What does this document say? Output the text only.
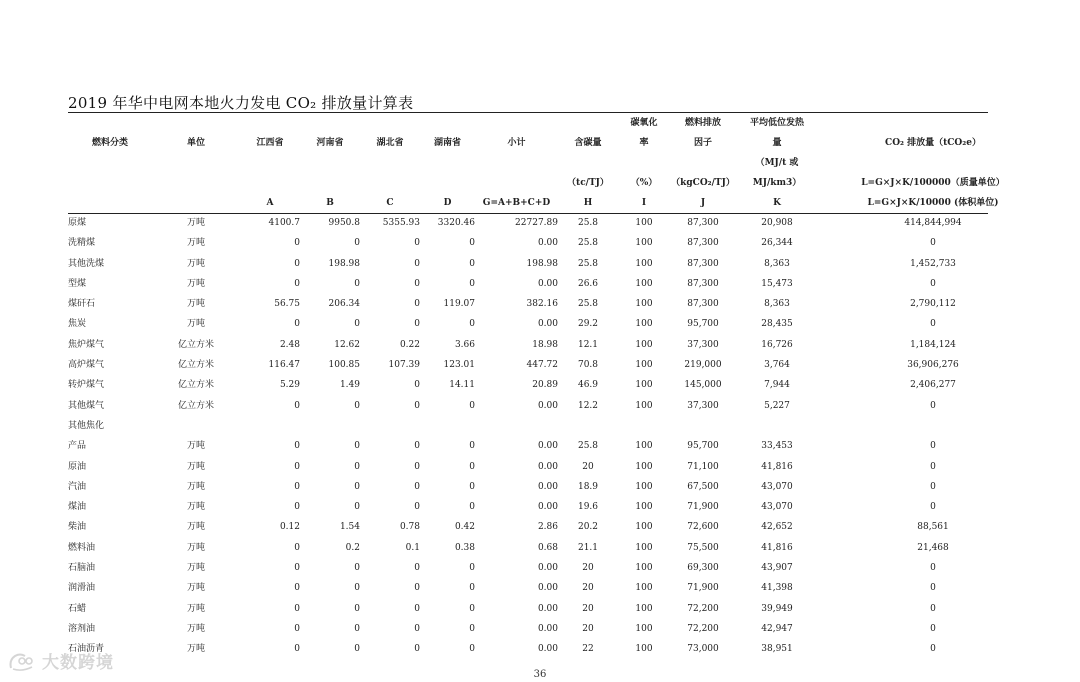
2019 年华中电网本地火力发电 CO₂ 排放量计算表
								碳氧化	燃料排放	平均低位发热	
燃料分类	单位	江西省	河南省	湖北省	湖南省	小计	含碳量	率	因子	量	CO₂ 排放量（tCO₂e）
										（MJ/t 或	
							（tc/TJ）	（%）	（kgCO₂/TJ）	MJ/km3）	L=G×J×K/100000（质量单位）
		A	B	C	D	G=A+B+C+D	H	I	J	K	L=G×J×K/10000 (体积单位)
原煤	万吨	4100.7	9950.8	5355.93	3320.46	22727.89	25.8	100	87,300	20,908	414,844,994
洗精煤	万吨	0	0	0	0	0.00	25.8	100	87,300	26,344	0
其他洗煤	万吨	0	198.98	0	0	198.98	25.8	100	87,300	8,363	1,452,733
型煤	万吨	0	0	0	0	0.00	26.6	100	87,300	15,473	0
煤矸石	万吨	56.75	206.34	0	119.07	382.16	25.8	100	87,300	8,363	2,790,112
焦炭	万吨	0	0	0	0	0.00	29.2	100	95,700	28,435	0
焦炉煤气	亿立方米	2.48	12.62	0.22	3.66	18.98	12.1	100	37,300	16,726	1,184,124
高炉煤气	亿立方米	116.47	100.85	107.39	123.01	447.72	70.8	100	219,000	3,764	36,906,276
转炉煤气	亿立方米	5.29	1.49	0	14.11	20.89	46.9	100	145,000	7,944	2,406,277
其他煤气	亿立方米	0	0	0	0	0.00	12.2	100	37,300	5,227	0
其他焦化											
产品	万吨	0	0	0	0	0.00	25.8	100	95,700	33,453	0
原油	万吨	0	0	0	0	0.00	20	100	71,100	41,816	0
汽油	万吨	0	0	0	0	0.00	18.9	100	67,500	43,070	0
煤油	万吨	0	0	0	0	0.00	19.6	100	71,900	43,070	0
柴油	万吨	0.12	1.54	0.78	0.42	2.86	20.2	100	72,600	42,652	88,561
燃料油	万吨	0	0.2	0.1	0.38	0.68	21.1	100	75,500	41,816	21,468
石脑油	万吨	0	0	0	0	0.00	20	100	69,300	43,907	0
润滑油	万吨	0	0	0	0	0.00	20	100	71,900	41,398	0
石蜡	万吨	0	0	0	0	0.00	20	100	72,200	39,949	0
溶剂油	万吨	0	0	0	0	0.00	20	100	72,200	42,947	0
石油沥青	万吨	0	0	0	0	0.00	22	100	73,000	38,951	0
36
大数跨境
